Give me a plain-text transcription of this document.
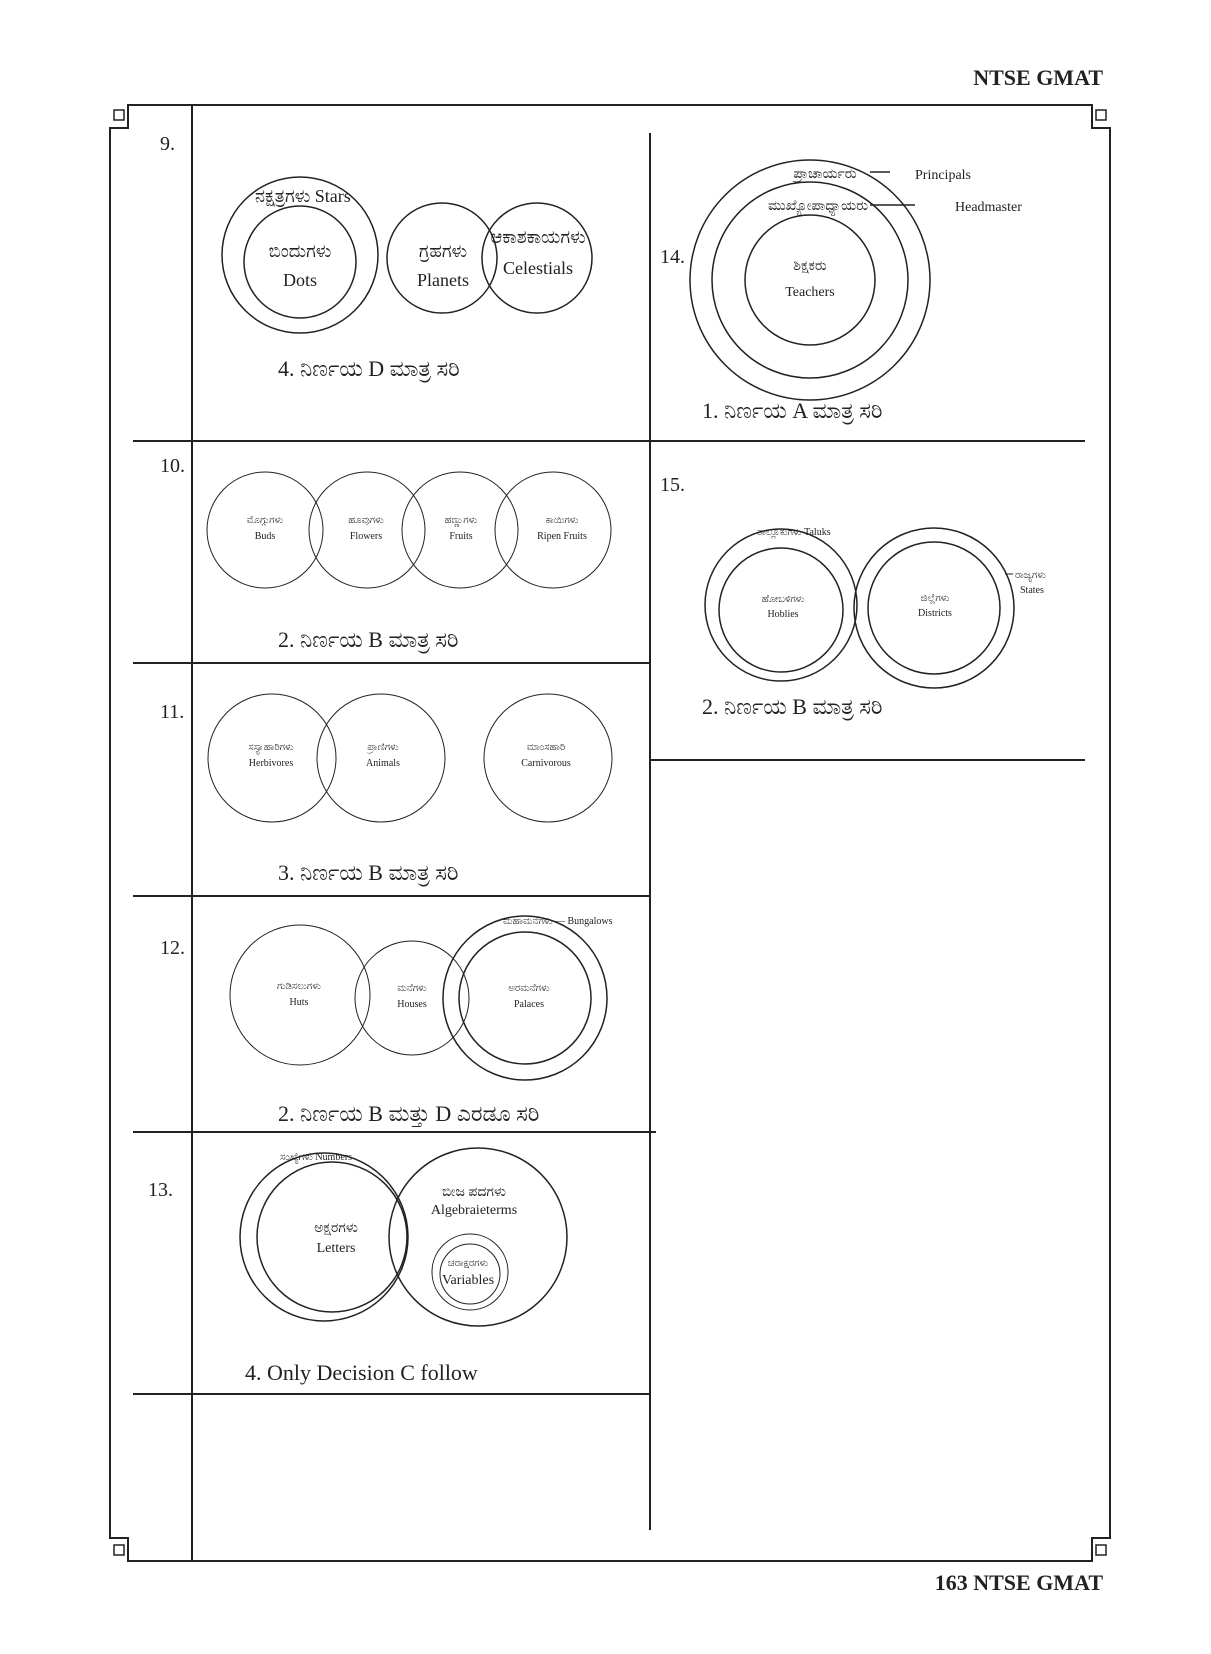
NTSE GMAT
163 NTSE GMAT
9.
ನಕ್ಷತ್ರಗಳು Stars
ಬಿಂದುಗಳು
Dots
ಗ್ರಹಗಳು
Planets
ಆಕಾಶಕಾಯಗಳು
Celestials
4. ನಿರ್ಣಯ D ಮಾತ್ರ ಸರಿ
14.
ಪ್ರಾಚಾರ್ಯರು	Principals
ಮುಖ್ಯೋಪಾಧ್ಯಾಯರು	Headmaster
ಶಿಕ್ಷಕರು
Teachers
1. ನಿರ್ಣಯ A ಮಾತ್ರ ಸರಿ
10.
ಮೊಗ್ಗುಗಳು
Buds
ಹೂವುಗಳು
Flowers
ಹಣ್ಣುಗಳು
Fruits
ಕಾಯಿಗಳು
Ripen Fruits
2. ನಿರ್ಣಯ B ಮಾತ್ರ ಸರಿ
15.
ತಾಲ್ಲೂಕುಗಳು Taluks
ರಾಜ್ಯಗಳು
States
ಹೋಬಳಿಗಳು
Hoblies
ಜಿಲ್ಲೆಗಳು
Districts
2. ನಿರ್ಣಯ B ಮಾತ್ರ ಸರಿ
11.
ಸಸ್ಯಾಹಾರಿಗಳು
Herbivores
ಪ್ರಾಣಿಗಳು
Animals
ಮಾಂಸಹಾರಿ
Carnivorous
3. ನಿರ್ಣಯ B ಮಾತ್ರ ಸರಿ
12.
ಮಹಾಮನೆಗಳು — Bungalows
ಗುಡಿಸಲುಗಳು
Huts
ಮನೆಗಳು
Houses
ಅರಮನೆಗಳು
Palaces
2. ನಿರ್ಣಯ B ಮತ್ತು D ಎರಡೂ ಸರಿ
13.
ಸಂಖ್ಯೆಗಳು Numbers
ಅಕ್ಷರಗಳು
Letters
ಬೀಜ ಪದಗಳು
Algebraieterms
ಚರಾಕ್ಷರಗಳು
Variables
4. Only Decision C follow
